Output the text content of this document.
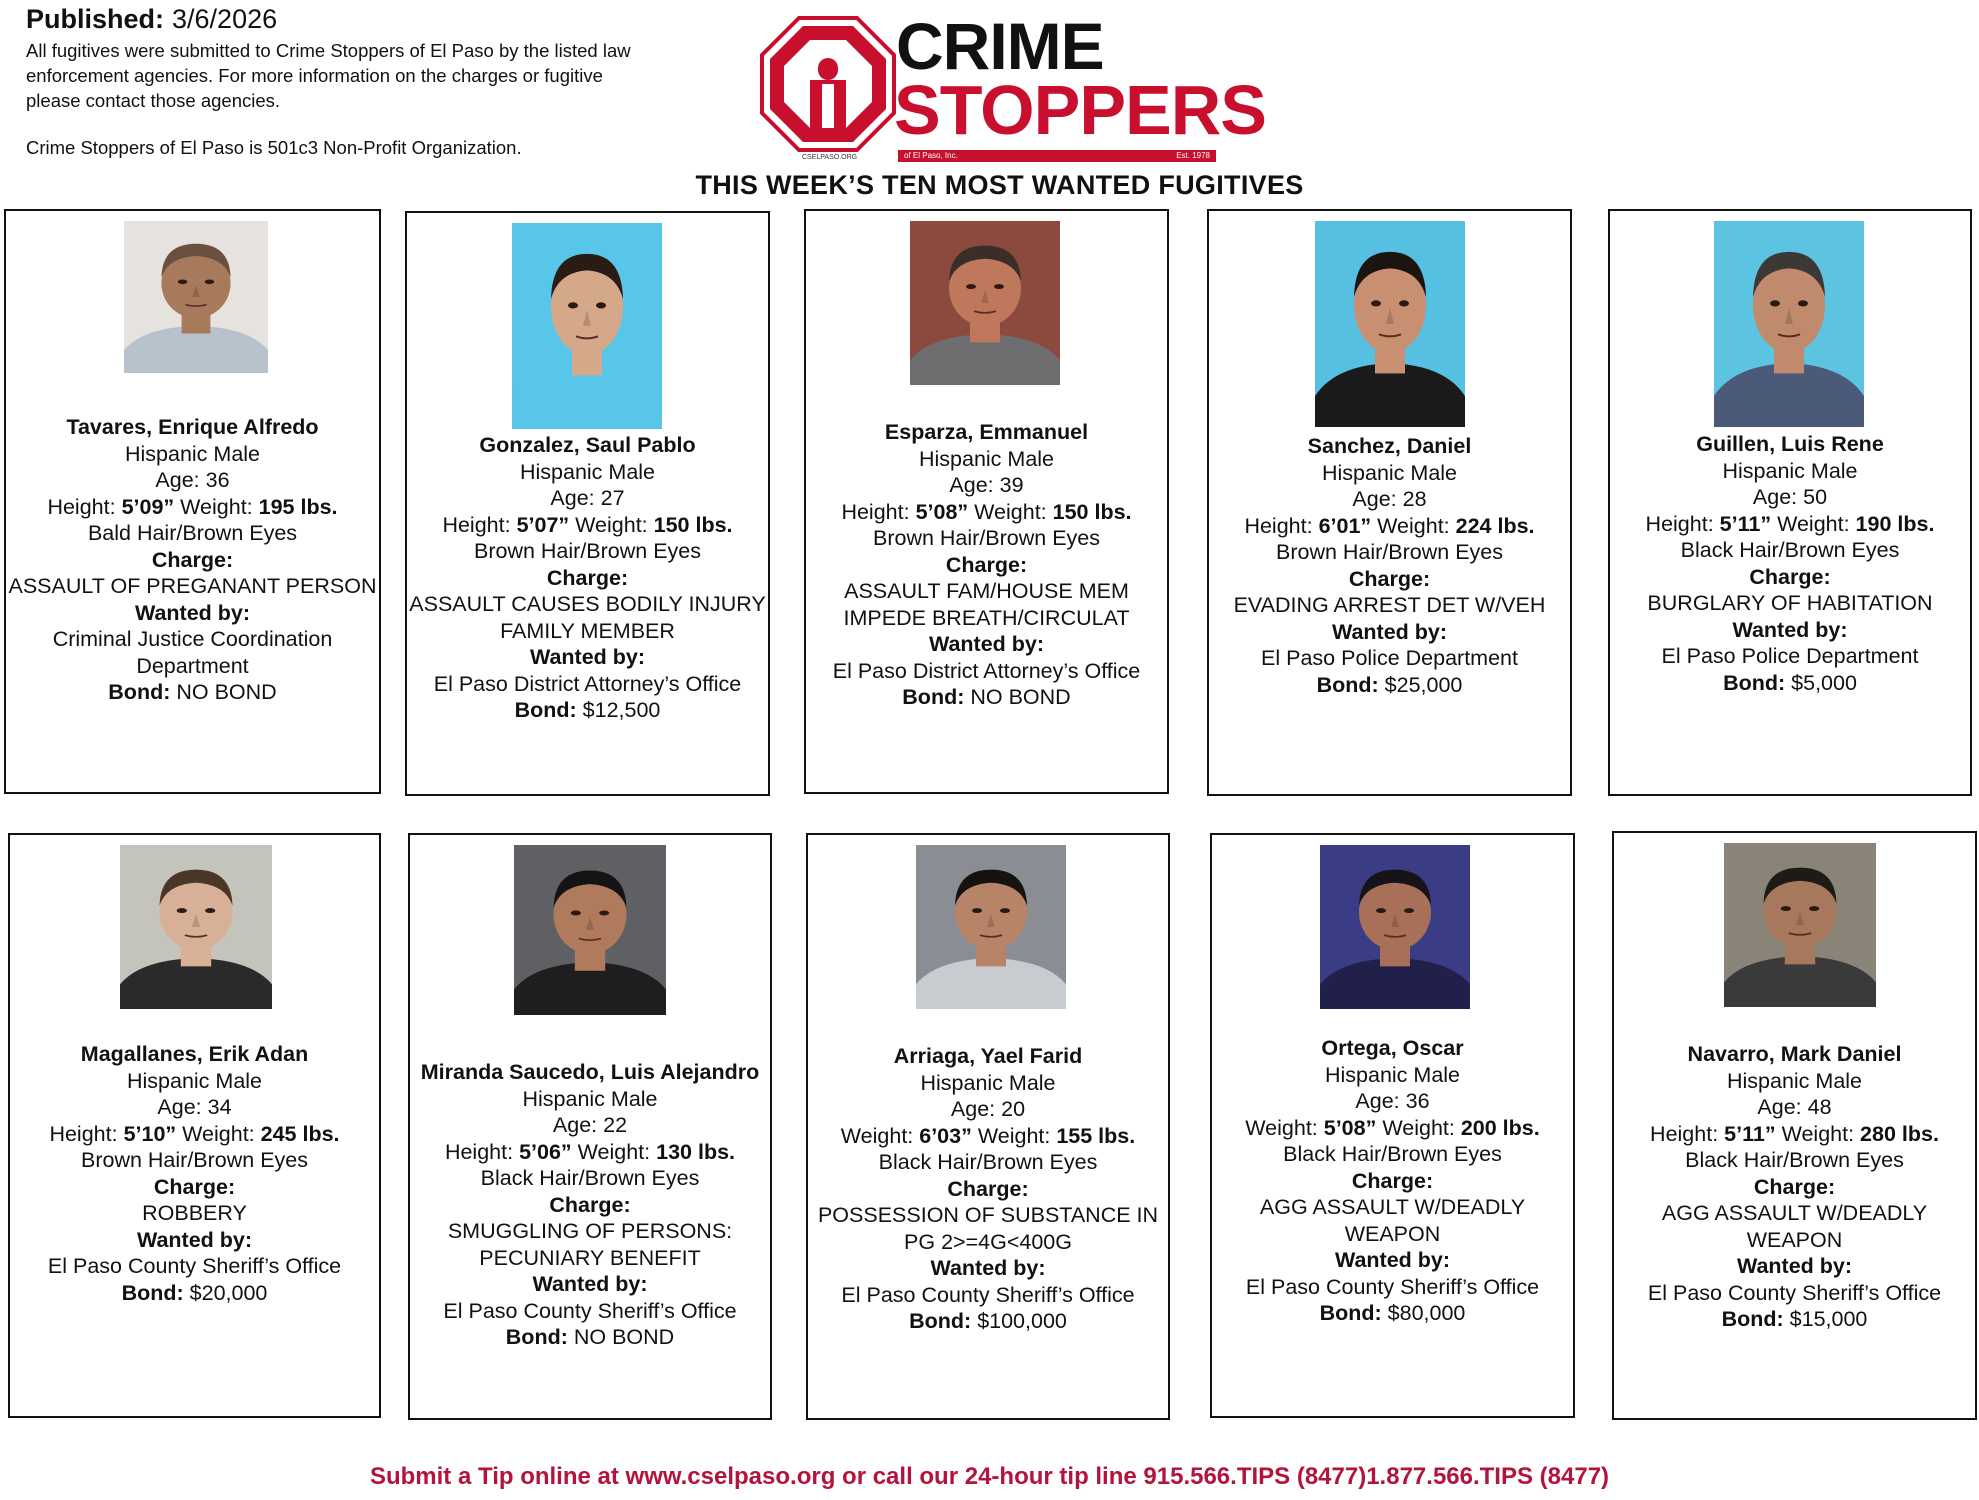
Published: 3/6/2026
All fugitives were submitted to Crime Stoppers of El Paso by the listed law enforcement agencies. For more information on the charges or fugitive please contact those agencies.
Crime Stoppers of El Paso is 501c3 Non-Profit Organization.
CRIME
STOPPERS
of El Paso, Inc.	Est. 1978
CSELPASO.ORG
THIS WEEK’S TEN MOST WANTED FUGITIVES
Tavares, Enrique Alfredo
Hispanic Male
Age: 36
Height: 5’09” Weight: 195 lbs.
Bald Hair/Brown Eyes
Charge:
ASSAULT OF PREGANANT PERSON
Wanted by:
Criminal Justice Coordination Department
Bond: NO BOND
Gonzalez, Saul Pablo
Hispanic Male
Age: 27
Height: 5’07” Weight: 150 lbs.
Brown Hair/Brown Eyes
Charge:
ASSAULT CAUSES BODILY INJURY FAMILY MEMBER
Wanted by:
El Paso District Attorney’s Office
Bond: $12,500
Esparza, Emmanuel
Hispanic Male
Age: 39
Height: 5’08” Weight: 150 lbs.
Brown Hair/Brown Eyes
Charge:
ASSAULT FAM/HOUSE MEM IMPEDE BREATH/CIRCULAT
Wanted by:
El Paso District Attorney’s Office
Bond: NO BOND
Sanchez, Daniel
Hispanic Male
Age: 28
Height: 6’01” Weight: 224 lbs.
Brown Hair/Brown Eyes
Charge:
EVADING ARREST DET W/VEH
Wanted by:
El Paso Police Department
Bond: $25,000
Guillen, Luis Rene
Hispanic Male
Age: 50
Height: 5’11” Weight: 190 lbs.
Black Hair/Brown Eyes
Charge:
BURGLARY OF HABITATION
Wanted by:
El Paso Police Department
Bond: $5,000
Magallanes, Erik Adan
Hispanic Male
Age: 34
Height: 5’10” Weight: 245 lbs.
Brown Hair/Brown Eyes
Charge:
ROBBERY
Wanted by:
El Paso County Sheriff’s Office
Bond: $20,000
Miranda Saucedo, Luis Alejandro
Hispanic Male
Age: 22
Height: 5’06” Weight: 130 lbs.
Black Hair/Brown Eyes
Charge:
SMUGGLING OF PERSONS: PECUNIARY BENEFIT
Wanted by:
El Paso County Sheriff’s Office
Bond: NO BOND
Arriaga, Yael Farid
Hispanic Male
Age: 20
Weight: 6’03” Weight: 155 lbs.
Black Hair/Brown Eyes
Charge:
POSSESSION OF SUBSTANCE IN PG 2>=4G<400G
Wanted by:
El Paso County Sheriff’s Office
Bond: $100,000
Ortega, Oscar
Hispanic Male
Age: 36
Weight: 5’08” Weight: 200 lbs.
Black Hair/Brown Eyes
Charge:
AGG ASSAULT W/DEADLY WEAPON
Wanted by:
El Paso County Sheriff’s Office
Bond: $80,000
Navarro, Mark Daniel
Hispanic Male
Age: 48
Height: 5’11” Weight: 280 lbs.
Black Hair/Brown Eyes
Charge:
AGG ASSAULT W/DEADLY WEAPON
Wanted by:
El Paso County Sheriff’s Office
Bond: $15,000
Submit a Tip online at www.cselpaso.org or call our 24-hour tip line 915.566.TIPS (8477)1.877.566.TIPS (8477)
